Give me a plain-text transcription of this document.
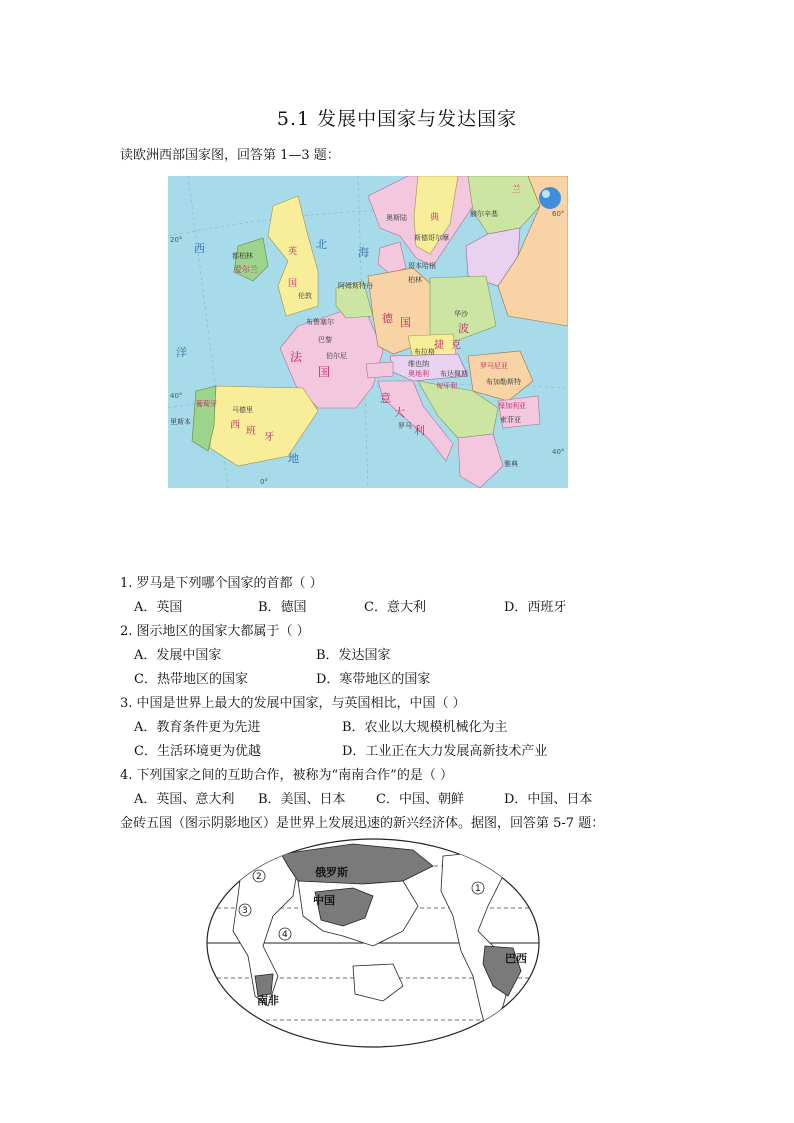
5.1 发展中国家与发达国家
读欧洲西部国家图，回答第 1—3 题：
北
海
西
洋
英
国
都柏林
爱尔兰
伦敦
阿姆斯特丹
布鲁塞尔
巴黎
法
国
伯尔尼
马德里
西
班
牙
里斯本
葡萄牙
奥斯陆
斯德哥尔摩
哥本哈根
赫尔辛基
典
兰
柏林
德 国
华沙
波
布拉格
捷 克
维也纳
奥地利 布达佩斯
匈牙利
罗马尼亚
布加勒斯特
保加利亚
索菲亚
罗马
意
大
利
雅典
地
20°
40°
0°
60°
40°
1. 罗马是下列哪个国家的首都（ ）
A．英国	B．德国	C．意大利	D．西班牙
2. 图示地区的国家大都属于（ ）
A．发展中国家	B．发达国家
C．热带地区的国家	D．寒带地区的国家
3. 中国是世界上最大的发展中国家，与英国相比，中国（ ）
A．教育条件更为先进	B．农业以大规模机械化为主
C．生活环境更为优越	D．工业正在大力发展高新技术产业
4. 下列国家之间的互助合作，被称为“南南合作”的是（ ）
A．英国、意大利 B．美国、日本 C．中国、朝鲜	D．中国、日本
金砖五国（图示阴影地区）是世界上发展迅速的新兴经济体。据图，回答第 5-7 题：
俄罗斯
中国
巴西
南非
1
2
3
4
